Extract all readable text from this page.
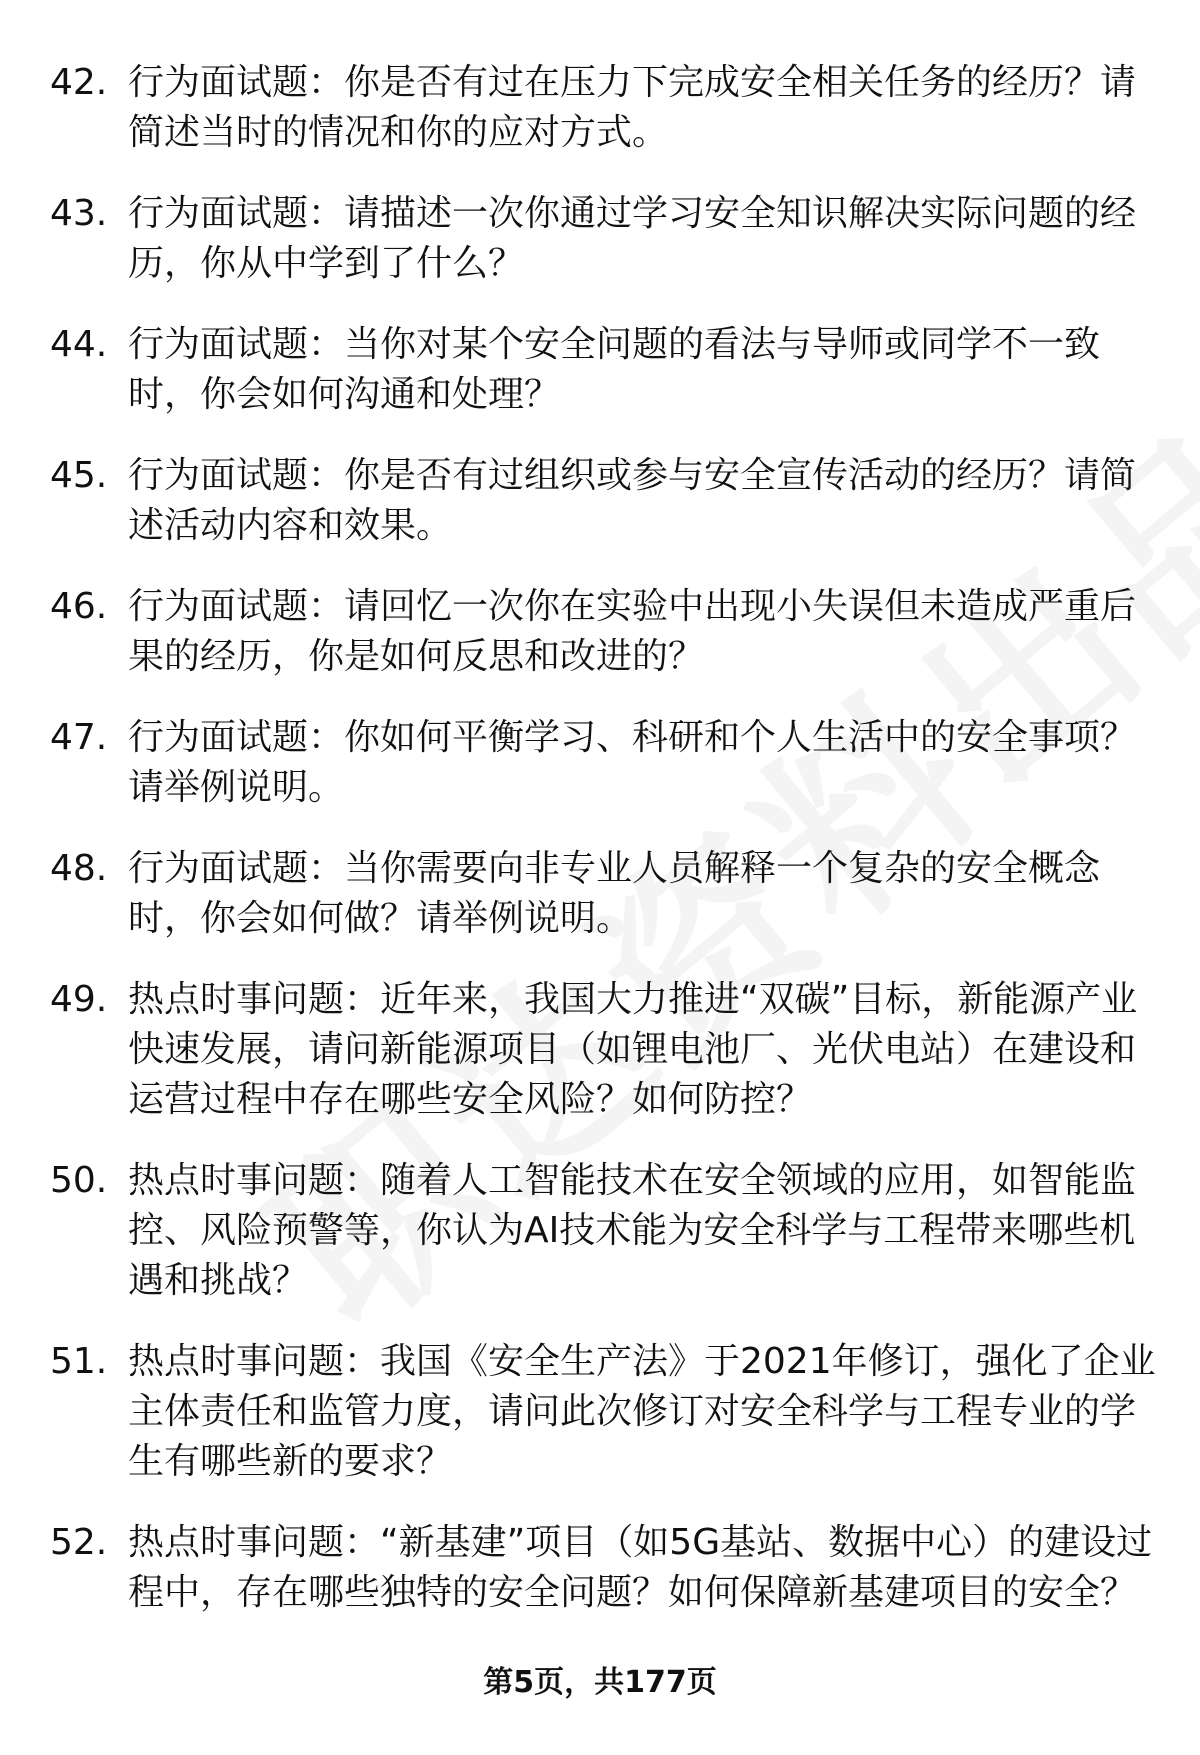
42. 行为面试题：你是否有过在压力下完成安全相关任务的经历？请简述当时的情况和你的应对方式。
43. 行为面试题：请描述一次你通过学习安全知识解决实际问题的经历，你从中学到了什么？
44. 行为面试题：当你对某个安全问题的看法与导师或同学不一致时，你会如何沟通和处理？
45. 行为面试题：你是否有过组织或参与安全宣传活动的经历？请简述活动内容和效果。
46. 行为面试题：请回忆一次你在实验中出现小失误但未造成严重后果的经历，你是如何反思和改进的？
47. 行为面试题：你如何平衡学习、科研和个人生活中的安全事项？请举例说明。
48. 行为面试题：当你需要向非专业人员解释一个复杂的安全概念时，你会如何做？请举例说明。
49. 热点时事问题：近年来，我国大力推进“双碳”目标，新能源产业快速发展，请问新能源项目（如锂电池厂、光伏电站）在建设和运营过程中存在哪些安全风险？如何防控？
50. 热点时事问题：随着人工智能技术在安全领域的应用，如智能监控、风险预警等，你认为AI技术能为安全科学与工程带来哪些机遇和挑战？
51. 热点时事问题：我国《安全生产法》于2021年修订，强化了企业主体责任和监管力度，请问此次修订对安全科学与工程专业的学生有哪些新的要求？
52. 热点时事问题：“新基建”项目（如5G基站、数据中心）的建设过程中，存在哪些独特的安全问题？如何保障新基建项目的安全？
第5页，共177页
